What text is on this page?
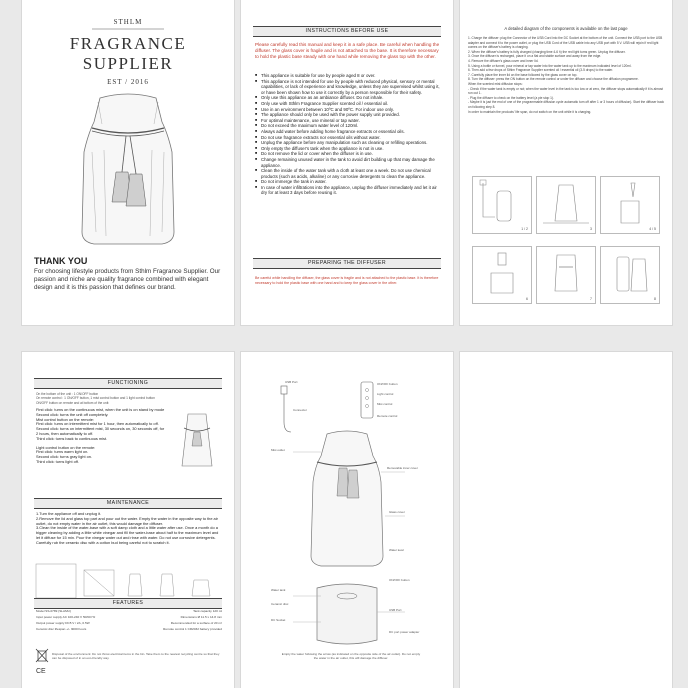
STHLM
FRAGRANCE
SUPPLIER
EST / 2016
THANK YOU
For choosing lifestyle products from Sthlm Fragrance Supplier. Our passion and niche are quality fragrance combined with elegant design and it is this passion that defines our brand.
INSTRUCTIONS BEFORE USE
Please carefully read this manual and keep it in a safe place. Be careful when handling the diffuser. The glass cover is fragile and is not attached to the base. It is therefore necessary to hold the plastic base steady with one hand while removing the glass top with the other.
■ This appliance is suitable for use by people aged 8 or over.
■ This appliance is not intended for use by people with reduced physical, sensory or mental capabilities, or lack of experience and knowledge, unless they are supervised whilst using it, or have been shown how to use it correctly by a person responsible for their safety.
■ Only use this appliance as an ambiance diffuser. Do not inhale.
■ Only use with Sthlm Fragrance Supplier scented oil / essential oil.
■ Use in an environment between 10ºC and 90ºC. For indoor use only.
■ The appliance should only be used with the power supply unit provided.
■ For optimal maintenance, use mineral or tap water.
■ Do not exceed the maximum water level of 120ml.
■ Always add water before adding home fragrance extracts or essential oils.
■ Do not use fragrance extracts nor essential oils without water.
■ Unplug the appliance before any manipulation such as cleaning or refilling operations.
■ Only empty the diffuser's tank when the appliance is not in use.
■ Do not remove the lid or cover when the diffuser is in use.
■ Change remaining unused water in the tank to avoid dirt building up that may damage the appliance.
■ Clean the inside of the water tank with a cloth at least one a week. Do not use chemical products (such as acids, alkaline) or any corrosive detergents to clean the appliance.
■ Do not immerge the tank in water.
■ In case of water infiltrations into the appliance, unplug the diffuser immediately and let it air dry for at least 3 days before reusing it.
PREPARING THE DIFFUSER
Be careful while handling the diffuser, the glass cover is fragile and is not attached to the plastic base. It is therefore necessary to hold the plastic base with one hand and to keep the glass cover in the other.
A detailed diagram of the components is available on the last page
1. Charge the diffuser: plug the Connector of the USB Cord into the DC Socket at the bottom of the unit. Connect the USB port to the USB adapter and connect it to the power outlet, or plug the USB Cord of the USB cable into any USB port with 5 V. USB will rejoin if red light comes on the diffuser's battery is charging.
2. When the diffuser's battery is fully charged (charging time 4-6 h) the red light turns green. Unplug the diffuser.
3. Once the diffuser is recharged, place it on a flat and stable surface and away from the edge.
4. Remove the diffuser's glass cover and inner lid.
5. Using a bottle or funnel, pour mineral or tap water into the water tank up to the maximum indicated level of 120ml.
6. Then add a few drops of Sthlm Fragrance Supplier scented oil / essential oil (3-5 drops) to the water.
7. Carefully place the inner lid on the base followed by the glass cover on top.
8. Turn the diffuser: press the ON button on the remote control or under the diffuser and choose the diffusion programme.
When the scented mist diffusion stops:
- Check if the water tank is empty or not; when the water level in the tank is too low or at zero, the diffuser stops automatically if it is almost run out 1.
- Plug the diffuser to check on the battery level (a pie stop 1).
- Maybe it is just the end of one of the programmable diffusion cycle automatic turn off after 1 or 3 hours of diffusion). Start the diffuser back on following step 8.
In order to maintain the products' life span, do not switch on the unit while it is charging.
1 / 2	3	4 / 5
6	7	8
FUNCTIONING
On the bottom of the unit : 1 ON/OFF button
On remote control : 1 ON/OFF button, 1 mist control button and 1 light control button
ON/OFF button on remote and at bottom of the unit:
First click: turns on the continuous mist, when the unit is on stand by mode
Second click: turns the unit off completely.
Mist control button on the remote:
First click: turns on intermittent mist for 1 hour, then automatically to off.
Second click: turns on intermittent mist, 30 seconds on, 30 seconds off, for 2 hours, then automatically to off.
Third click: turns back to continuous mist.
Light control button on the remote:
First click: turns warm light on.
Second click: turns gray light on.
Third click: turns light off.
MAINTENANCE
1.Turn the appliance off and unplug it.
2.Remove the lid and glass top part and pour out the water. Empty the water in the opposite way to the air outlet, do not empty water in the air outlet, this would damage the diffuser.
3.Clean the inside of the water-base with a soft damp cloth and a little water after use. Once a month do a bigger cleaning by adding a little white vinegar and fill the water-base about half to the maximum level and let it diffuse for 15 min. Pour the vinegar water out and rinse with water. Do not use corrosive detergents.
Carefully rub the ceramic disc with a cotton bud being careful not to scratch it.
FEATURES
Model SS-0789 (SLAMU)	Tank capacity 120 ml
Input power supply AC 100-240 V 50/60 Hz	Dimensions Ø 11.5 x 14.8 mm
Output power supply DC5 V / 2A, 0.5W	Recommended for a surface of 20 m²
Ceramic disc lifespan +/- 3000 hours	Remote control 1 CR2032 battery provided
CE
Disposal of the environment: Do not throw electrical items in the bin. Take them to the nearest recycling centre so that they can be disposed of in an eco-friendly way.
USB Port
Connector
ON/OFF button
Light control
Mist control
Remote control
Mist outlet
Removable inner cover
Glass cover
Water level
ON/OFF button
Water tank
Ceramic disc
DC Socket
USB Port
DC port power adapter
Empty the water following the arrow (as indicated on the opposite side of the air outlet). Do not empty the water in the air outlet, this will damage the diffuser.
